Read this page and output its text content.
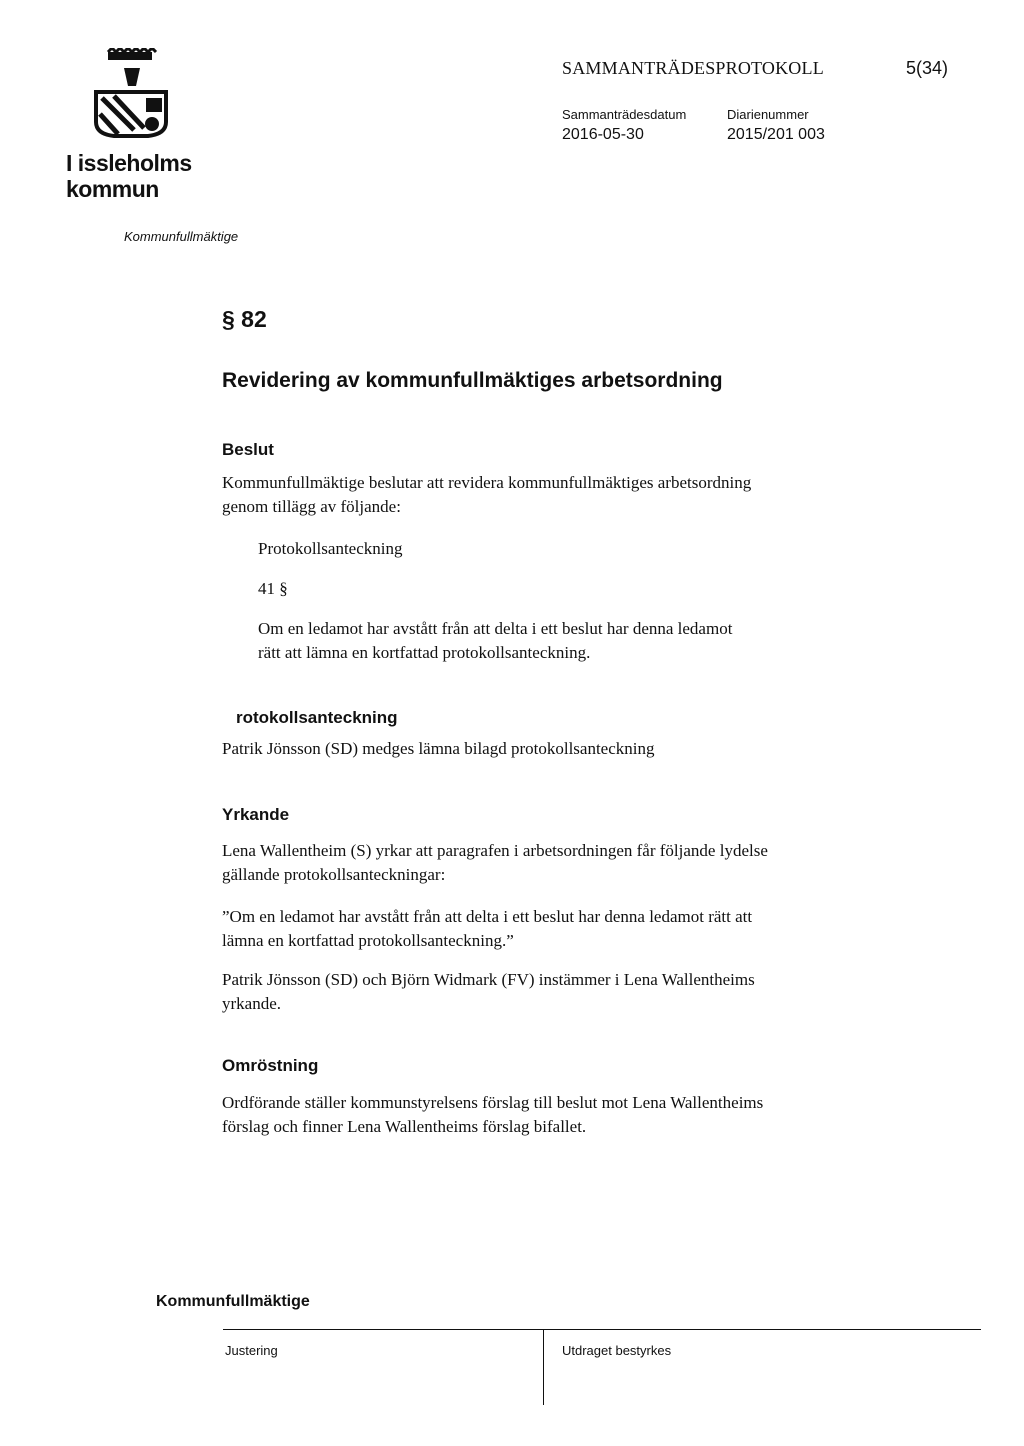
I issleholms
kommun
SAMMANTRÄDESPROTOKOLL	5(34)
Sammanträdesdatum	Diarienummer
2016-05-30	2015/201 003
Kommunfullmäktige
§ 82
Revidering av kommunfullmäktiges arbetsordning
Beslut
Kommunfullmäktige beslutar att revidera kommunfullmäktiges arbetsordning
genom tillägg av följande:
Protokollsanteckning
41 §
Om en ledamot har avstått från att delta i ett beslut har denna ledamot
rätt att lämna en kortfattad protokollsanteckning.
rotokollsanteckning
Patrik Jönsson (SD) medges lämna bilagd protokollsanteckning
Yrkande
Lena Wallentheim (S) yrkar att paragrafen i arbetsordningen får följande lydelse
gällande protokollsanteckningar:
”Om en ledamot har avstått från att delta i ett beslut har denna ledamot rätt att
lämna en kortfattad protokollsanteckning.”
Patrik Jönsson (SD) och Björn Widmark (FV) instämmer i Lena Wallentheims
yrkande.
Omröstning
Ordförande ställer kommunstyrelsens förslag till beslut mot Lena Wallentheims
förslag och finner Lena Wallentheims förslag bifallet.
Kommunfullmäktige
Justering	Utdraget bestyrkes
